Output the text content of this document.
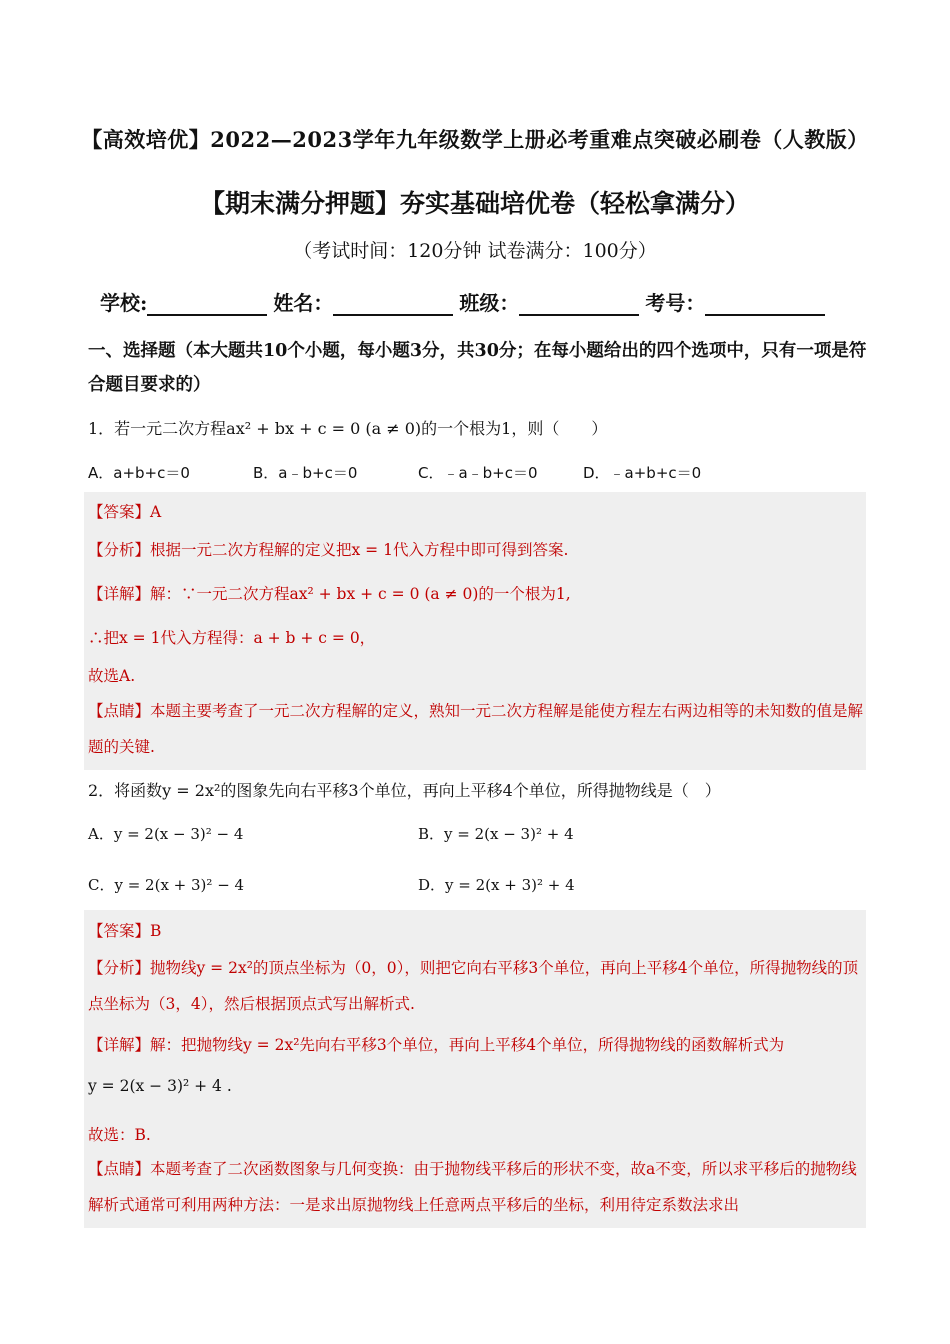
【高效培优】2022—2023学年九年级数学上册必考重难点突破必刷卷（人教版）
【期末满分押题】夯实基础培优卷（轻松拿满分）
（考试时间：120分钟 试卷满分：100分）
学校:	姓名：	班级：	考号：
一、选择题（本大题共10个小题，每小题3分，共30分；在每小题给出的四个选项中，只有一项是符合题目要求的）
1．若一元二次方程ax² + bx + c = 0 (a ≠ 0)的一个根为1，则（　　）
A．a+b+c＝0	B．a﹣b+c＝0	C．﹣a﹣b+c＝0	D．﹣a+b+c＝0
【答案】A
【分析】根据一元二次方程解的定义把x = 1代入方程中即可得到答案.
【详解】解：∵一元二次方程ax² + bx + c = 0 (a ≠ 0)的一个根为1,
∴把x = 1代入方程得：a + b + c = 0，
故选A.
【点睛】本题主要考查了一元二次方程解的定义，熟知一元二次方程解是能使方程左右两边相等的未知数的值是解题的关键.
2．将函数y = 2x²的图象先向右平移3个单位，再向上平移4个单位，所得抛物线是（　）
A．y = 2(x − 3)² − 4	B．y = 2(x − 3)² + 4
C．y = 2(x + 3)² − 4	D．y = 2(x + 3)² + 4
【答案】B
【分析】抛物线y = 2x²的顶点坐标为（0，0），则把它向右平移3个单位，再向上平移4个单位，所得抛物线的顶点坐标为（3，4），然后根据顶点式写出解析式.
【详解】解：把抛物线y = 2x²先向右平移3个单位，再向上平移4个单位，所得抛物线的函数解析式为
y = 2(x − 3)² + 4 .
故选：B.
【点睛】本题考查了二次函数图象与几何变换：由于抛物线平移后的形状不变，故a不变，所以求平移后的抛物线解析式通常可利用两种方法：一是求出原抛物线上任意两点平移后的坐标，利用待定系数法求出
